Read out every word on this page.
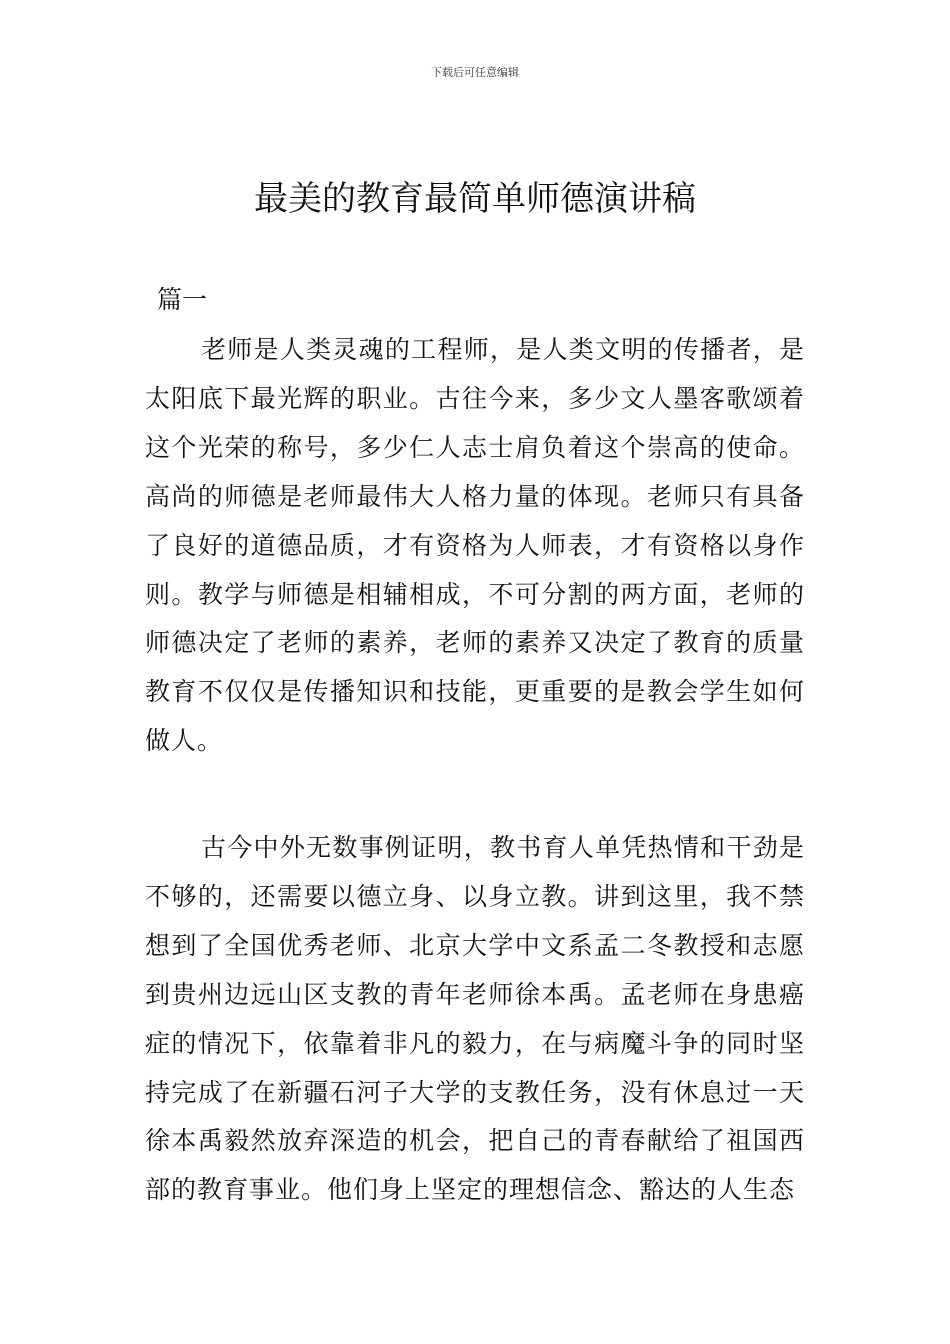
下载后可任意编辑
最美的教育最简单师德演讲稿
篇一

老师是人类灵魂的工程师，是人类文明的传播者，是太阳底下最光辉的职业。古往今来，多少文人墨客歌颂着这个光荣的称号，多少仁人志士肩负着这个崇高的使命。高尚的师德是老师最伟大人格力量的体现。老师只有具备了良好的道德品质，才有资格为人师表，才有资格以身作则。教学与师德是相辅相成，不可分割的两方面，老师的师德决定了老师的素养，老师的素养又决定了教育的质量教育不仅仅是传播知识和技能，更重要的是教会学生如何做人。

古今中外无数事例证明，教书育人单凭热情和干劲是不够的，还需要以德立身、以身立教。讲到这里，我不禁想到了全国优秀老师、北京大学中文系孟二冬教授和志愿到贵州边远山区支教的青年老师徐本禹。孟老师在身患癌症的情况下，依靠着非凡的毅力，在与病魔斗争的同时坚持完成了在新疆石河子大学的支教任务，没有休息过一天徐本禹毅然放弃深造的机会，把自己的青春献给了祖国西部的教育事业。他们身上坚定的理想信念、豁达的人生态
